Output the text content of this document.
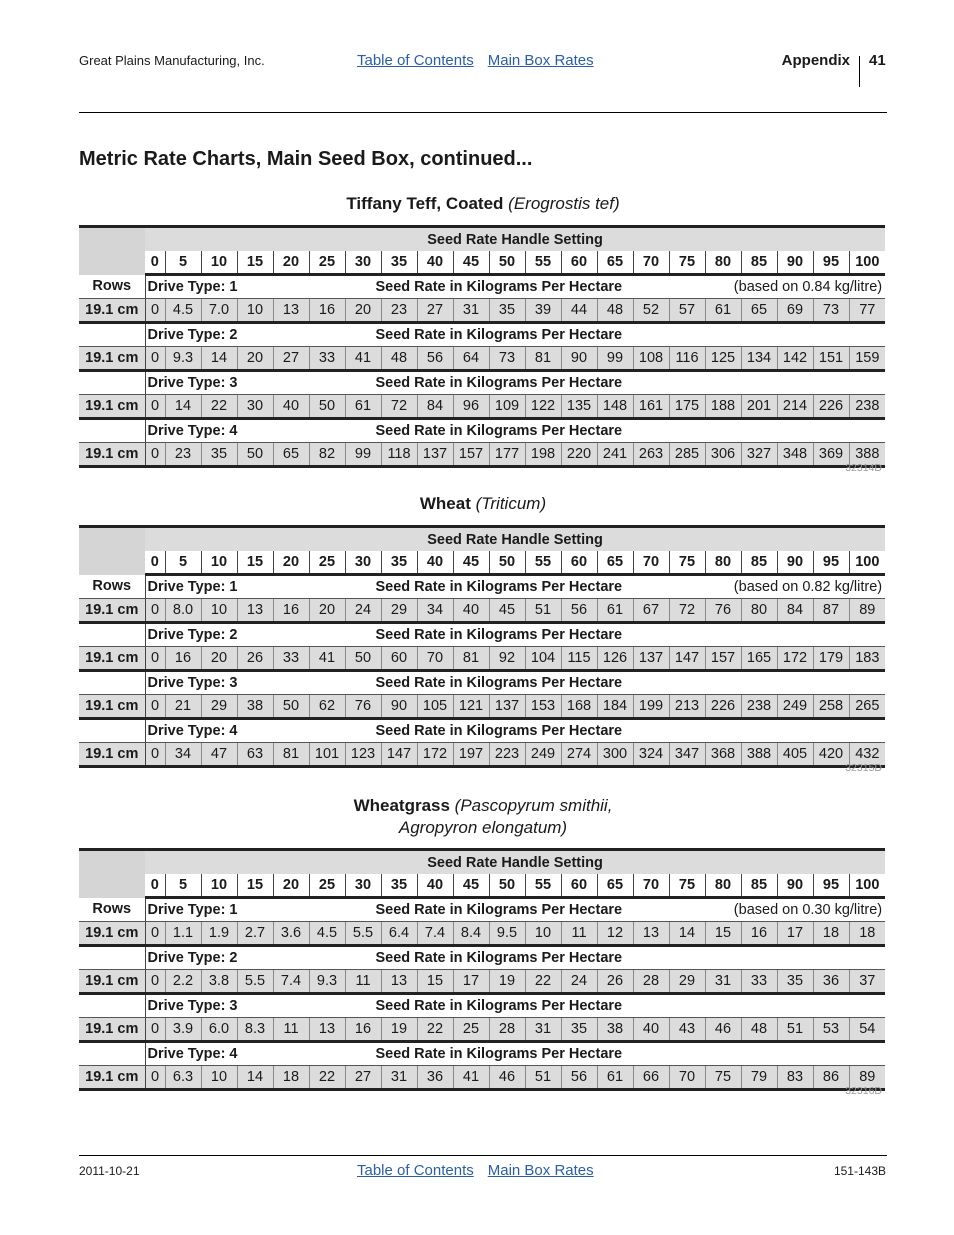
Great Plains Manufacturing, Inc.	Table of Contents Main Box Rates	Appendix 41
Metric Rate Charts, Main Seed Box, continued...
Tiffany Teff, Coated (Erogrostis tef)
	Seed Rate Handle Setting																				
	0	5	10	15	20	25	30	35	40	45	50	55	60	65	70	75	80	85	90	95	100
Rows	Drive Type: 1 Seed Rate in Kilograms Per Hectare (based on 0.84 kg/litre)																				

19.1 cm	0	4.5	7.0	10	13	16	20	23	27	31	35	39	44	48	52	57	61	65	69	73	77

	Drive Type: 2 Seed Rate in Kilograms Per Hectare																				

19.1 cm	0	9.3	14	20	27	33	41	48	56	64	73	81	90	99	108	116	125	134	142	151	159

	Drive Type: 3 Seed Rate in Kilograms Per Hectare																				

19.1 cm	0	14	22	30	40	50	61	72	84	96	109	122	135	148	161	175	188	201	214	226	238

	Drive Type: 4 Seed Rate in Kilograms Per Hectare																				

19.1 cm	0	23	35	50	65	82	99	118	137	157	177	198	220	241	263	285	306	327	348	369	388
32314D
Wheat (Triticum)
	Seed Rate Handle Setting																				
	0	5	10	15	20	25	30	35	40	45	50	55	60	65	70	75	80	85	90	95	100
Rows	Drive Type: 1 Seed Rate in Kilograms Per Hectare (based on 0.82 kg/litre)																				

19.1 cm	0	8.0	10	13	16	20	24	29	34	40	45	51	56	61	67	72	76	80	84	87	89

	Drive Type: 2 Seed Rate in Kilograms Per Hectare																				

19.1 cm	0	16	20	26	33	41	50	60	70	81	92	104	115	126	137	147	157	165	172	179	183

	Drive Type: 3 Seed Rate in Kilograms Per Hectare																				

19.1 cm	0	21	29	38	50	62	76	90	105	121	137	153	168	184	199	213	226	238	249	258	265

	Drive Type: 4 Seed Rate in Kilograms Per Hectare																				

19.1 cm	0	34	47	63	81	101	123	147	172	197	223	249	274	300	324	347	368	388	405	420	432
32315D
Wheatgrass (Pascopyrum smithii,
Agropyron elongatum)
	Seed Rate Handle Setting																				
	0	5	10	15	20	25	30	35	40	45	50	55	60	65	70	75	80	85	90	95	100
Rows	Drive Type: 1 Seed Rate in Kilograms Per Hectare (based on 0.30 kg/litre)																				

19.1 cm	0	1.1	1.9	2.7	3.6	4.5	5.5	6.4	7.4	8.4	9.5	10	11	12	13	14	15	16	17	18	18

	Drive Type: 2 Seed Rate in Kilograms Per Hectare																				

19.1 cm	0	2.2	3.8	5.5	7.4	9.3	11	13	15	17	19	22	24	26	28	29	31	33	35	36	37

	Drive Type: 3 Seed Rate in Kilograms Per Hectare																				

19.1 cm	0	3.9	6.0	8.3	11	13	16	19	22	25	28	31	35	38	40	43	46	48	51	53	54

	Drive Type: 4 Seed Rate in Kilograms Per Hectare																				

19.1 cm	0	6.3	10	14	18	22	27	31	36	41	46	51	56	61	66	70	75	79	83	86	89
32316D
2011-10-21	Table of Contents Main Box Rates	151-143B
